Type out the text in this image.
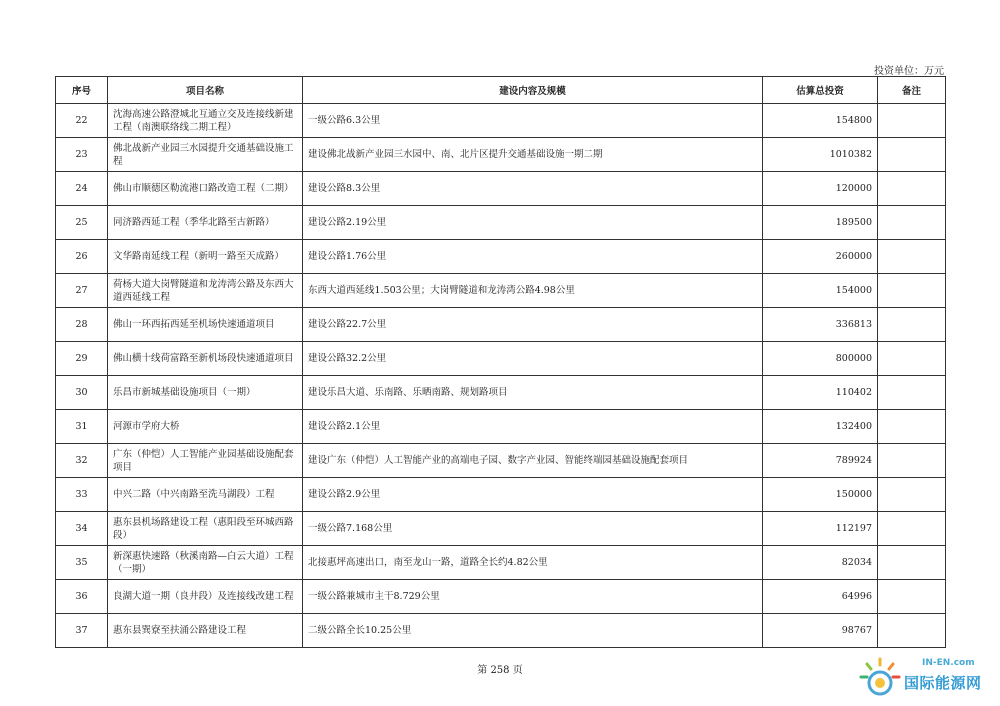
投资单位：万元
序号	项目名称	建设内容及规模	估算总投资	备注
22	沈海高速公路澄城北互通立交及连接线新建工程（南澳联络线二期工程）	一级公路6.3公里	154800	
23	佛北战新产业园三水园提升交通基础设施工程	建设佛北战新产业园三水园中、南、北片区提升交通基础设施一期二期	1010382	
24	佛山市顺德区勒流港口路改造工程（二期）	建设公路8.3公里	120000	
25	同济路西延工程（季华北路至古新路）	建设公路2.19公里	189500	
26	文华路南延线工程（新明一路至天成路）	建设公路1.76公里	260000	
27	荷杨大道大岗臂隧道和龙涛湾公路及东西大道西延线工程	东西大道西延线1.503公里；大岗臂隧道和龙涛湾公路4.98公里	154000	
28	佛山一环西拓西延至机场快速通道项目	建设公路22.7公里	336813	
29	佛山横十线荷富路至新机场段快速通道项目	建设公路32.2公里	800000	
30	乐昌市新城基础设施项目（一期）	建设乐昌大道、乐南路、乐晒南路、规划路项目	110402	
31	河源市学府大桥	建设公路2.1公里	132400	
32	广东（仲恺）人工智能产业园基础设施配套项目	建设广东（仲恺）人工智能产业的高端电子园、数字产业园、智能终端园基础设施配套项目	789924	
33	中兴二路（中兴南路至洗马湖段）工程	建设公路2.9公里	150000	
34	惠东县机场路建设工程（惠阳段至环城西路段）	一级公路7.168公里	112197	
35	新深惠快速路（秋溪南路—白云大道）工程（一期）	北接惠坪高速出口，南至龙山一路，道路全长约4.82公里	82034	
36	良湖大道一期（良井段）及连接线改建工程	一级公路兼城市主干8.729公里	64996	
37	惠东县巽寮至扶涌公路建设工程	二级公路全长10.25公里	98767	
第 258 页
IN-EN.com
国际能源网
